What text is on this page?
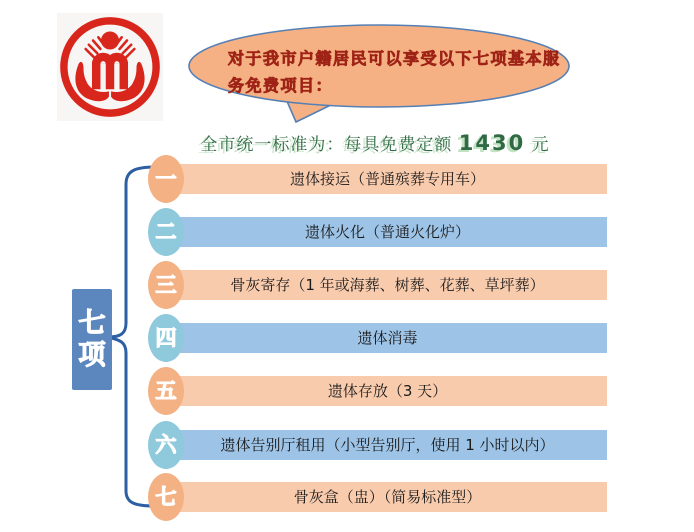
对于我市户籍居民可以享受以下七项基本服务免费项目：
全市统一标准为：每具免费定额 1430 元
七
项
遗体接运（普通殡葬专用车）
一
遗体火化（普通火化炉）
二
骨灰寄存（1 年或海葬、树葬、花葬、草坪葬）
三
遗体消毒
四
遗体存放（3 天）
五
遗体告别厅租用（小型告别厅，使用 1 小时以内）
六
骨灰盒（盅）（简易标准型）
七
